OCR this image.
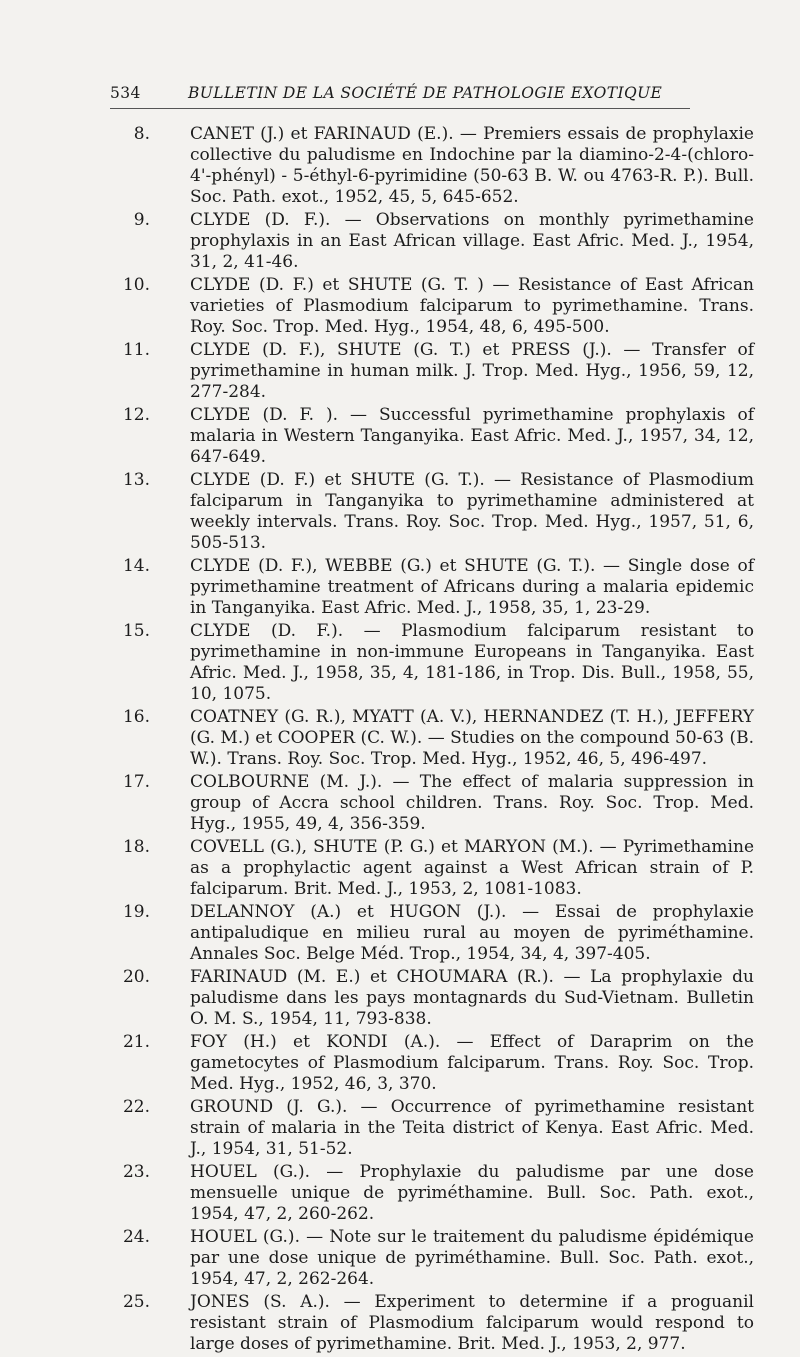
534	BULLETIN DE LA SOCIÉTÉ DE PATHOLOGIE EXOTIQUE
8. CANET (J.) et FARINAUD (E.). — Premiers essais de prophylaxie collective du paludisme en Indochine par la diamino-2-4-(chloro-4'-phényl) - 5-éthyl-6-pyrimidine (50-63 B. W. ou 4763-R. P.). Bull. Soc. Path. exot., 1952, 45, 5, 645-652.
9. CLYDE (D. F.). — Observations on monthly pyrimethamine prophylaxis in an East African village. East Afric. Med. J., 1954, 31, 2, 41-46.
10. CLYDE (D. F.) et SHUTE (G. T. ) — Resistance of East African varieties of Plasmodium falciparum to pyrimethamine. Trans. Roy. Soc. Trop. Med. Hyg., 1954, 48, 6, 495-500.
11. CLYDE (D. F.), SHUTE (G. T.) et PRESS (J.). — Transfer of pyrimethamine in human milk. J. Trop. Med. Hyg., 1956, 59, 12, 277-284.
12. CLYDE (D. F. ). — Successful pyrimethamine prophylaxis of malaria in Western Tanganyika. East Afric. Med. J., 1957, 34, 12, 647-649.
13. CLYDE (D. F.) et SHUTE (G. T.). — Resistance of Plasmodium falciparum in Tanganyika to pyrimethamine administered at weekly intervals. Trans. Roy. Soc. Trop. Med. Hyg., 1957, 51, 6, 505-513.
14. CLYDE (D. F.), WEBBE (G.) et SHUTE (G. T.). — Single dose of pyrimethamine treatment of Africans during a malaria epidemic in Tanganyika. East Afric. Med. J., 1958, 35, 1, 23-29.
15. CLYDE (D. F.). — Plasmodium falciparum resistant to pyrimethamine in non-immune Europeans in Tanganyika. East Afric. Med. J., 1958, 35, 4, 181-186, in Trop. Dis. Bull., 1958, 55, 10, 1075.
16. COATNEY (G. R.), MYATT (A. V.), HERNANDEZ (T. H.), JEFFERY (G. M.) et COOPER (C. W.). — Studies on the compound 50-63 (B. W.). Trans. Roy. Soc. Trop. Med. Hyg., 1952, 46, 5, 496-497.
17. COLBOURNE (M. J.). — The effect of malaria suppression in group of Accra school children. Trans. Roy. Soc. Trop. Med. Hyg., 1955, 49, 4, 356-359.
18. COVELL (G.), SHUTE (P. G.) et MARYON (M.). — Pyrimethamine as a prophylactic agent against a West African strain of P. falciparum. Brit. Med. J., 1953, 2, 1081-1083.
19. DELANNOY (A.) et HUGON (J.). — Essai de prophylaxie antipaludique en milieu rural au moyen de pyriméthamine. Annales Soc. Belge Méd. Trop., 1954, 34, 4, 397-405.
20. FARINAUD (M. E.) et CHOUMARA (R.). — La prophylaxie du paludisme dans les pays montagnards du Sud-Vietnam. Bulletin O. M. S., 1954, 11, 793-838.
21. FOY (H.) et KONDI (A.). — Effect of Daraprim on the gametocytes of Plasmodium falciparum. Trans. Roy. Soc. Trop. Med. Hyg., 1952, 46, 3, 370.
22. GROUND (J. G.). — Occurrence of pyrimethamine resistant strain of malaria in the Teita district of Kenya. East Afric. Med. J., 1954, 31, 51-52.
23. HOUEL (G.). — Prophylaxie du paludisme par une dose mensuelle unique de pyriméthamine. Bull. Soc. Path. exot., 1954, 47, 2, 260-262.
24. HOUEL (G.). — Note sur le traitement du paludisme épidémique par une dose unique de pyriméthamine. Bull. Soc. Path. exot., 1954, 47, 2, 262-264.
25. JONES (S. A.). — Experiment to determine if a proguanil resistant strain of Plasmodium falciparum would respond to large doses of pyrimethamine. Brit. Med. J., 1953, 2, 977.
